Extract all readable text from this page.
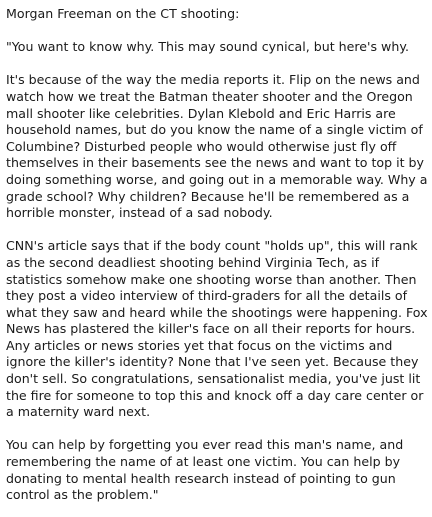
Morgan Freeman on the CT shooting:

"You want to know why. This may sound cynical, but here's why.

It's because of the way the media reports it. Flip on the news and watch how we treat the Batman theater shooter and the Oregon mall shooter like celebrities. Dylan Klebold and Eric Harris are household names, but do you know the name of a single victim of Columbine? Disturbed people who would otherwise just fly off themselves in their basements see the news and want to top it by doing something worse, and going out in a memorable way. Why a grade school? Why children? Because he'll be remembered as a horrible monster, instead of a sad nobody.

CNN's article says that if the body count "holds up", this will rank as the second deadliest shooting behind Virginia Tech, as if statistics somehow make one shooting worse than another. Then they post a video interview of third-graders for all the details of what they saw and heard while the shootings were happening. Fox News has plastered the killer's face on all their reports for hours. Any articles or news stories yet that focus on the victims and ignore the killer's identity? None that I've seen yet. Because they don't sell. So congratulations, sensationalist media, you've just lit the fire for someone to top this and knock off a day care center or a maternity ward next.

You can help by forgetting you ever read this man's name, and remembering the name of at least one victim. You can help by donating to mental health research instead of pointing to gun control as the problem."
